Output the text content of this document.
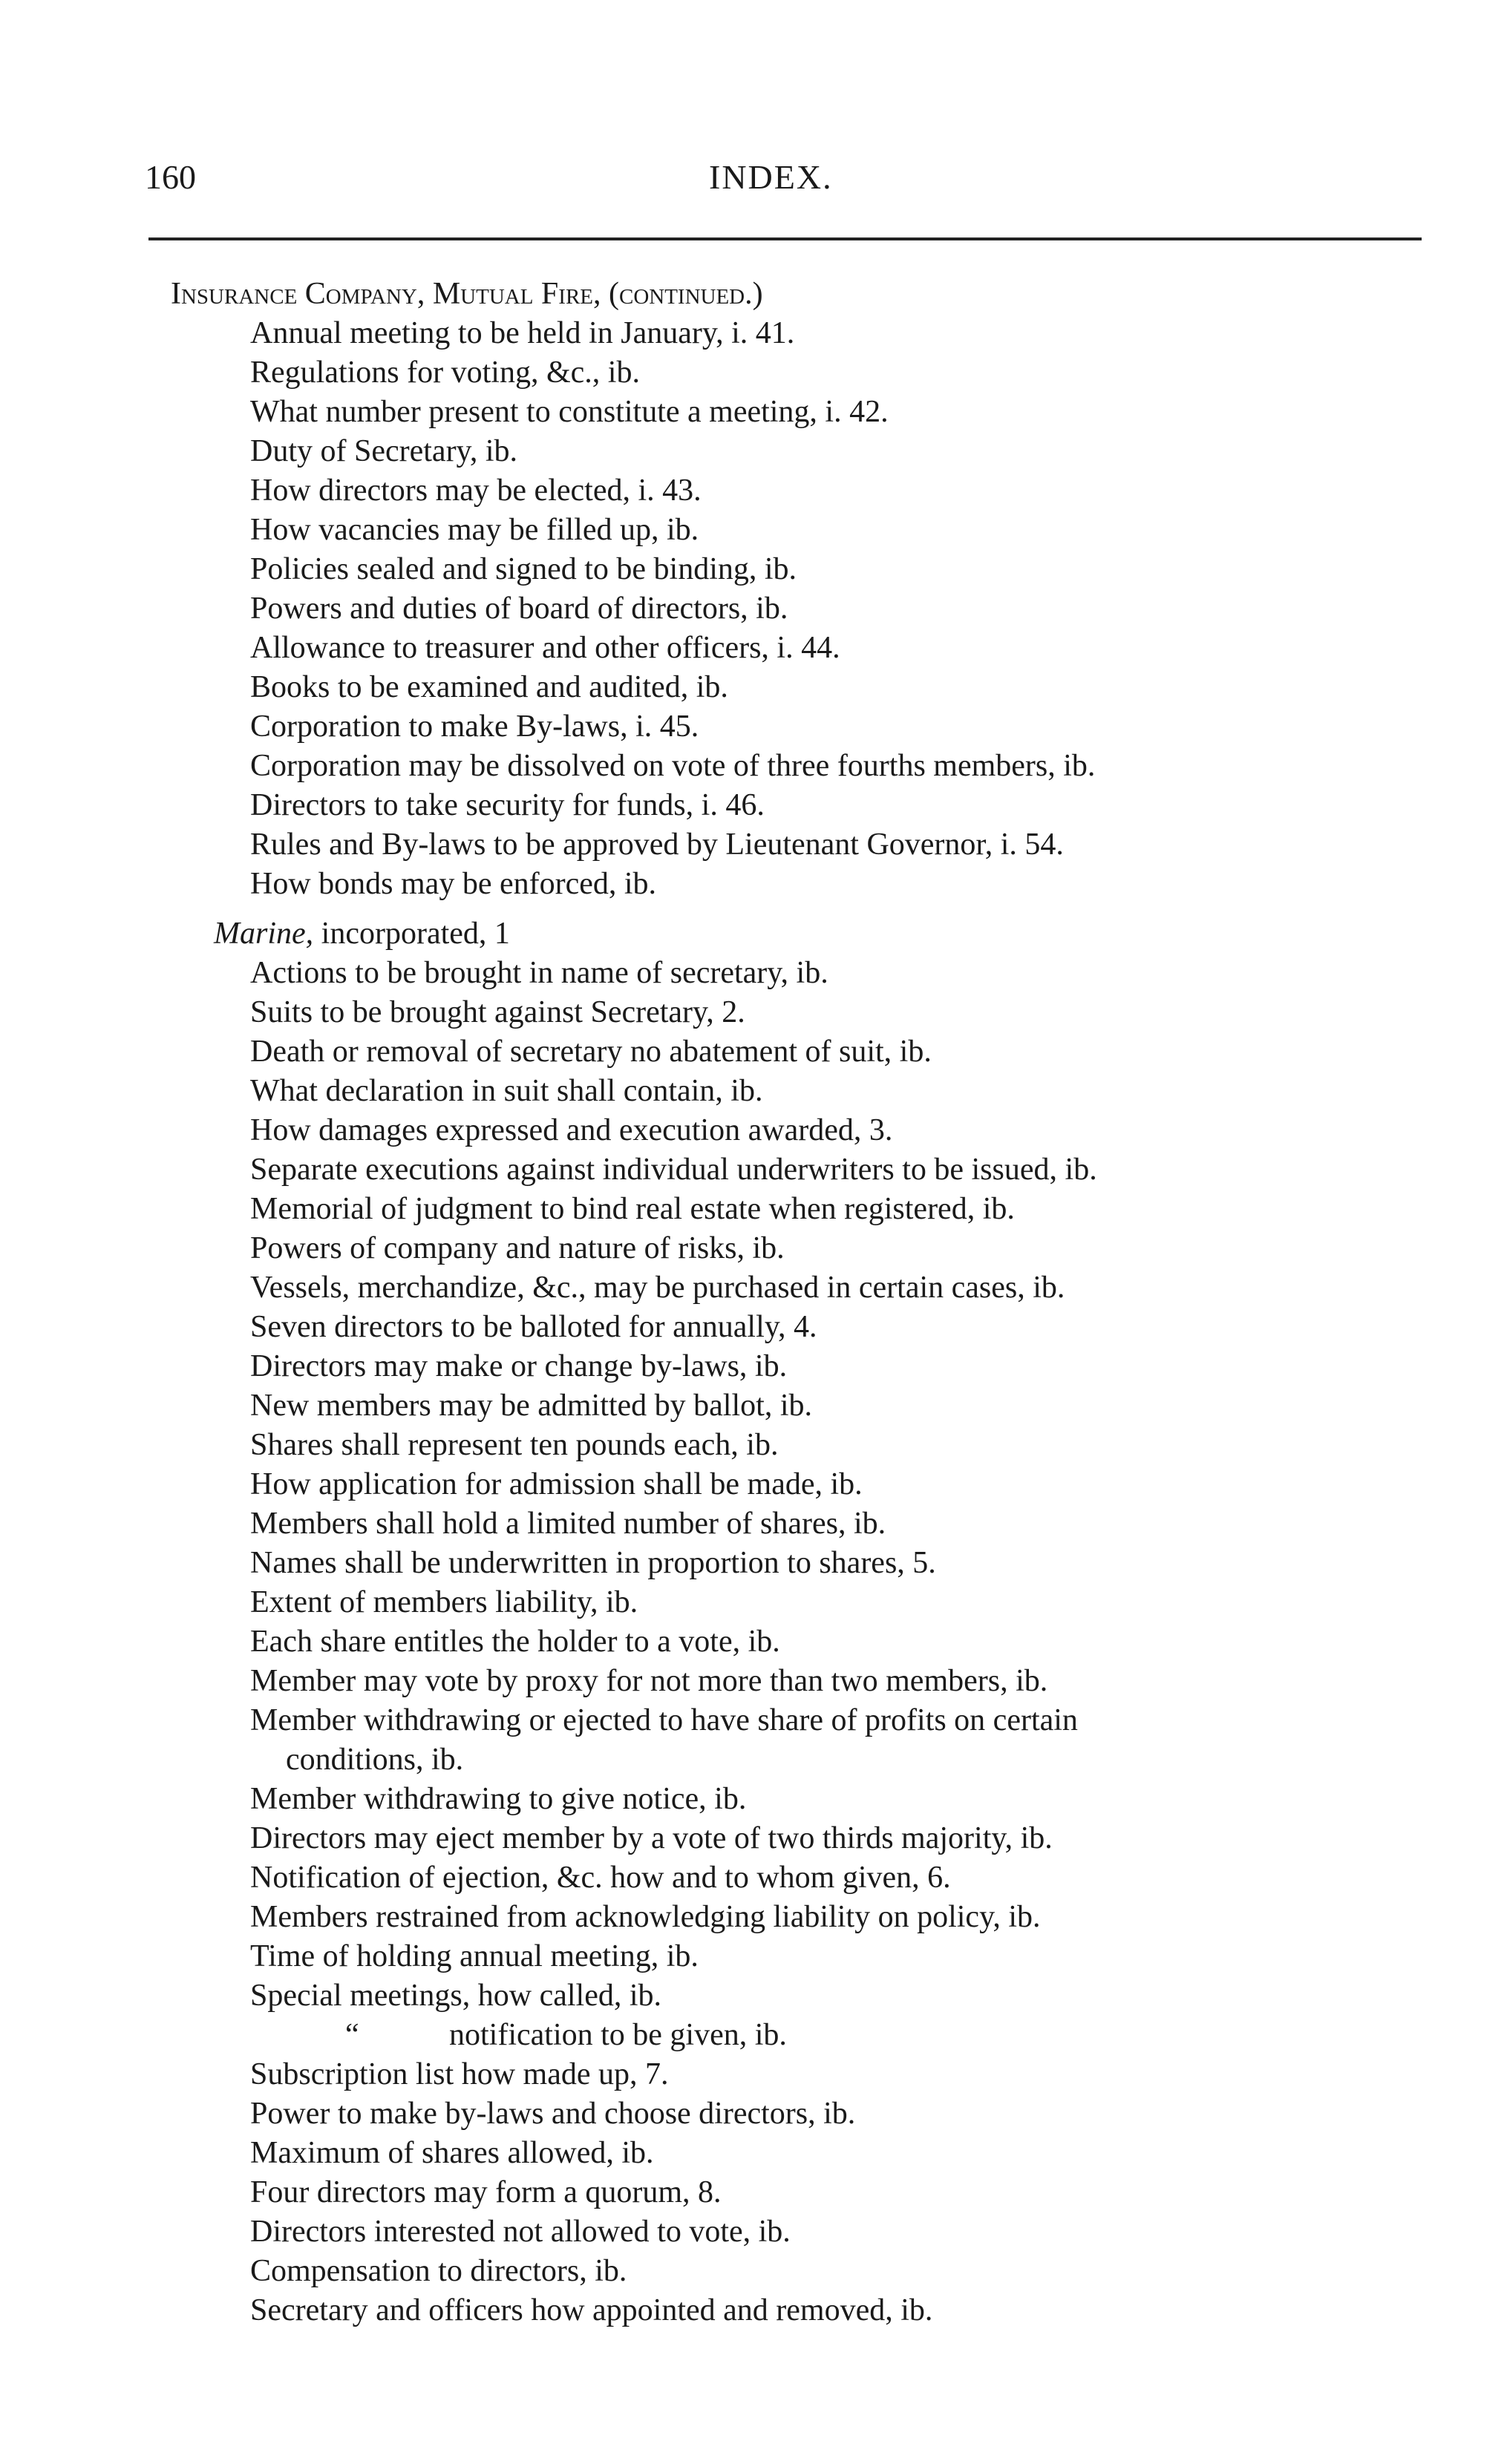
160	INDEX.
Insurance Company, Mutual Fire, (continued.)
Annual meeting to be held in January, i. 41.
Regulations for voting, &c., ib.
What number present to constitute a meeting, i. 42.
Duty of Secretary, ib.
How directors may be elected, i. 43.
How vacancies may be filled up, ib.
Policies sealed and signed to be binding, ib.
Powers and duties of board of directors, ib.
Allowance to treasurer and other officers, i. 44.
Books to be examined and audited, ib.
Corporation to make By-laws, i. 45.
Corporation may be dissolved on vote of three fourths members, ib.
Directors to take security for funds, i. 46.
Rules and By-laws to be approved by Lieutenant Governor, i. 54.
How bonds may be enforced, ib.
Marine, incorporated, 1
Actions to be brought in name of secretary, ib.
Suits to be brought against Secretary, 2.
Death or removal of secretary no abatement of suit, ib.
What declaration in suit shall contain, ib.
How damages expressed and execution awarded, 3.
Separate executions against individual underwriters to be issued, ib.
Memorial of judgment to bind real estate when registered, ib.
Powers of company and nature of risks, ib.
Vessels, merchandize, &c., may be purchased in certain cases, ib.
Seven directors to be balloted for annually, 4.
Directors may make or change by-laws, ib.
New members may be admitted by ballot, ib.
Shares shall represent ten pounds each, ib.
How application for admission shall be made, ib.
Members shall hold a limited number of shares, ib.
Names shall be underwritten in proportion to shares, 5.
Extent of members liability, ib.
Each share entitles the holder to a vote, ib.
Member may vote by proxy for not more than two members, ib.
Member withdrawing or ejected to have share of profits on certain
conditions, ib.
Member withdrawing to give notice, ib.
Directors may eject member by a vote of two thirds majority, ib.
Notification of ejection, &c. how and to whom given, 6.
Members restrained from acknowledging liability on policy, ib.
Time of holding annual meeting, ib.
Special meetings, how called, ib.
“	notification to be given, ib.
Subscription list how made up, 7.
Power to make by-laws and choose directors, ib.
Maximum of shares allowed, ib.
Four directors may form a quorum, 8.
Directors interested not allowed to vote, ib.
Compensation to directors, ib.
Secretary and officers how appointed and removed, ib.
